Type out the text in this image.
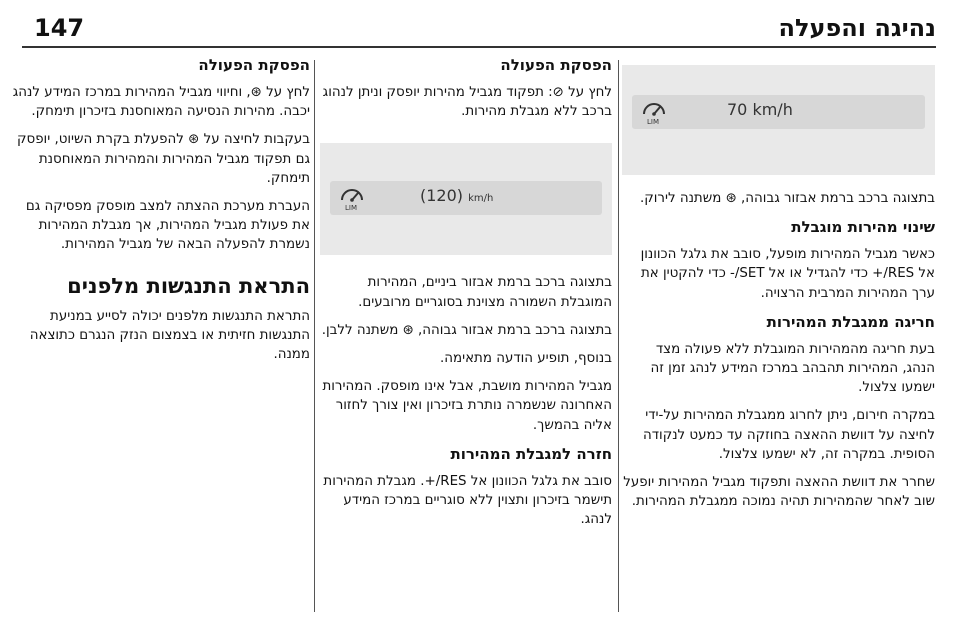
נהיגה והפעלה
147
LIM
70 km/h

בתצוגה ברכב ברמת אבזור גבוהה, ⊛ משתנה לירוק.

שינוי מהירות מוגבלת

כאשר מגביל המהירות מופעל, סובב את גלגל הכוונון אל RES/+ כדי להגדיל או אל SET/- כדי להקטין את ערך המהירות המרבית הרצויה.

חריגה ממגבלת המהירות

בעת חריגה מהמהירות המוגבלת ללא פעולה מצד הנהג, המהירות תהבהב במרכז המידע לנהג זמן זה ישמעו צלצול.

במקרה חירום, ניתן לחרוג ממגבלת המהירות על-ידי לחיצה על דוושת ההאצה בחוזקה עד כמעט לנקודה הסופית. במקרה זה, לא ישמעו צלצול.

שחרר את דוושת ההאצה ותפקוד מגביל המהירות יופעל שוב לאחר שהמהירות תהיה נמוכה ממגבלת המהירות.

הפסקת הפעולה

לחץ על ⊘: תפקוד מגביל מהירות יופסק וניתן לנהוג ברכב ללא מגבלת מהירות.

LIM
(120) km/h

בתצוגה ברכב ברמת אבזור ביניים, המהירות המוגבלת השמורה מצוינת בסוגריים מרובעים.

בתצוגה ברכב ברמת אבזור גבוהה, ⊛ משתנה ללבן.

בנוסף, תופיע הודעה מתאימה.

מגביל המהירות מושבת, אבל אינו מופסק. המהירות האחרונה שנשמרה נותרת בזיכרון ואין צורך לחזור אליה בהמשך.

חזרה למגבלת המהירות

סובב את גלגל הכוונון אל RES/+. מגבלת המהירות תישמר בזיכרון ותצוין ללא סוגריים במרכז המידע לנהג.

הפסקת הפעולה

לחץ על ⊛, וחיווי מגביל המהירות במרכז המידע לנהג יכבה. מהירות הנסיעה המאוחסנת בזיכרון תימחק.

בעקבות לחיצה על ⊛ להפעלת בקרת השיוט, יופסק גם תפקוד מגביל המהירות והמהירות המאוחסנת תימחק.

העברת מערכת ההצתה למצב מופסק מפסיקה גם את פעולת מגביל המהירות, אך מגבלת המהירות נשמרת להפעלה הבאה של מגביל המהירות.

התראת התנגשות מלפנים

התראת התנגשות מלפנים יכולה לסייע במניעת התנגשות חזיתית או בצמצום הנזק הנגרם כתוצאה ממנה.
